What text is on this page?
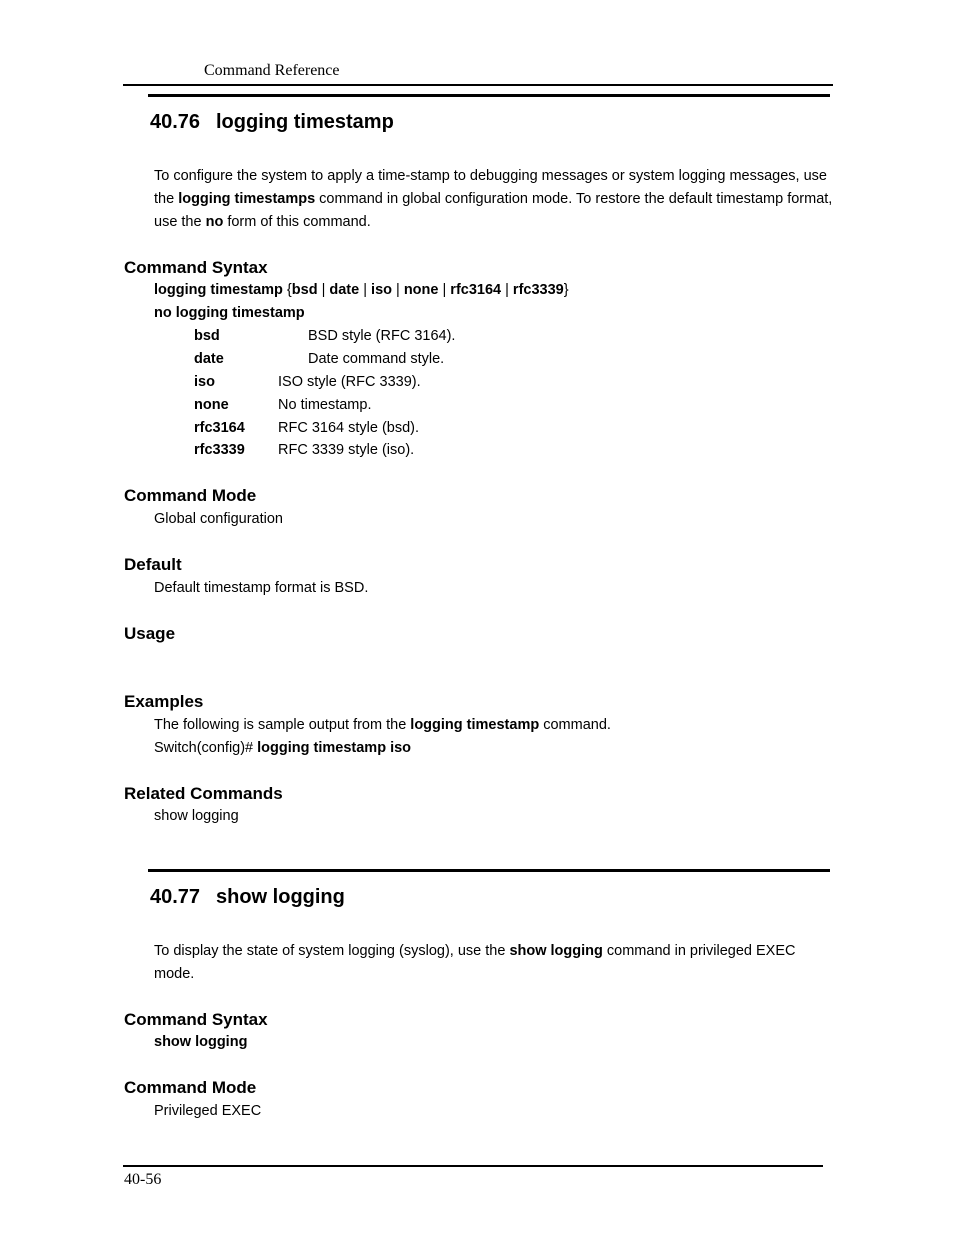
Command Reference
40.76 logging timestamp
To configure the system to apply a time-stamp to debugging messages or system logging messages, use the logging timestamps command in global configuration mode. To restore the default timestamp format, use the no form of this command.
Command Syntax
logging timestamp {bsd | date | iso | none | rfc3164 | rfc3339}
no logging timestamp
bsd	BSD style (RFC 3164).
date	Date command style.
iso	ISO style (RFC 3339).
none	No timestamp.
rfc3164 RFC 3164 style (bsd).
rfc3339 RFC 3339 style (iso).
Command Mode
Global configuration
Default
Default timestamp format is BSD.
Usage
Examples
The following is sample output from the logging timestamp command.
Switch(config)# logging timestamp iso
Related Commands
show logging
40.77 show logging
To display the state of system logging (syslog), use the show logging command in privileged EXEC mode.
Command Syntax
show logging
Command Mode
Privileged EXEC
40-56
